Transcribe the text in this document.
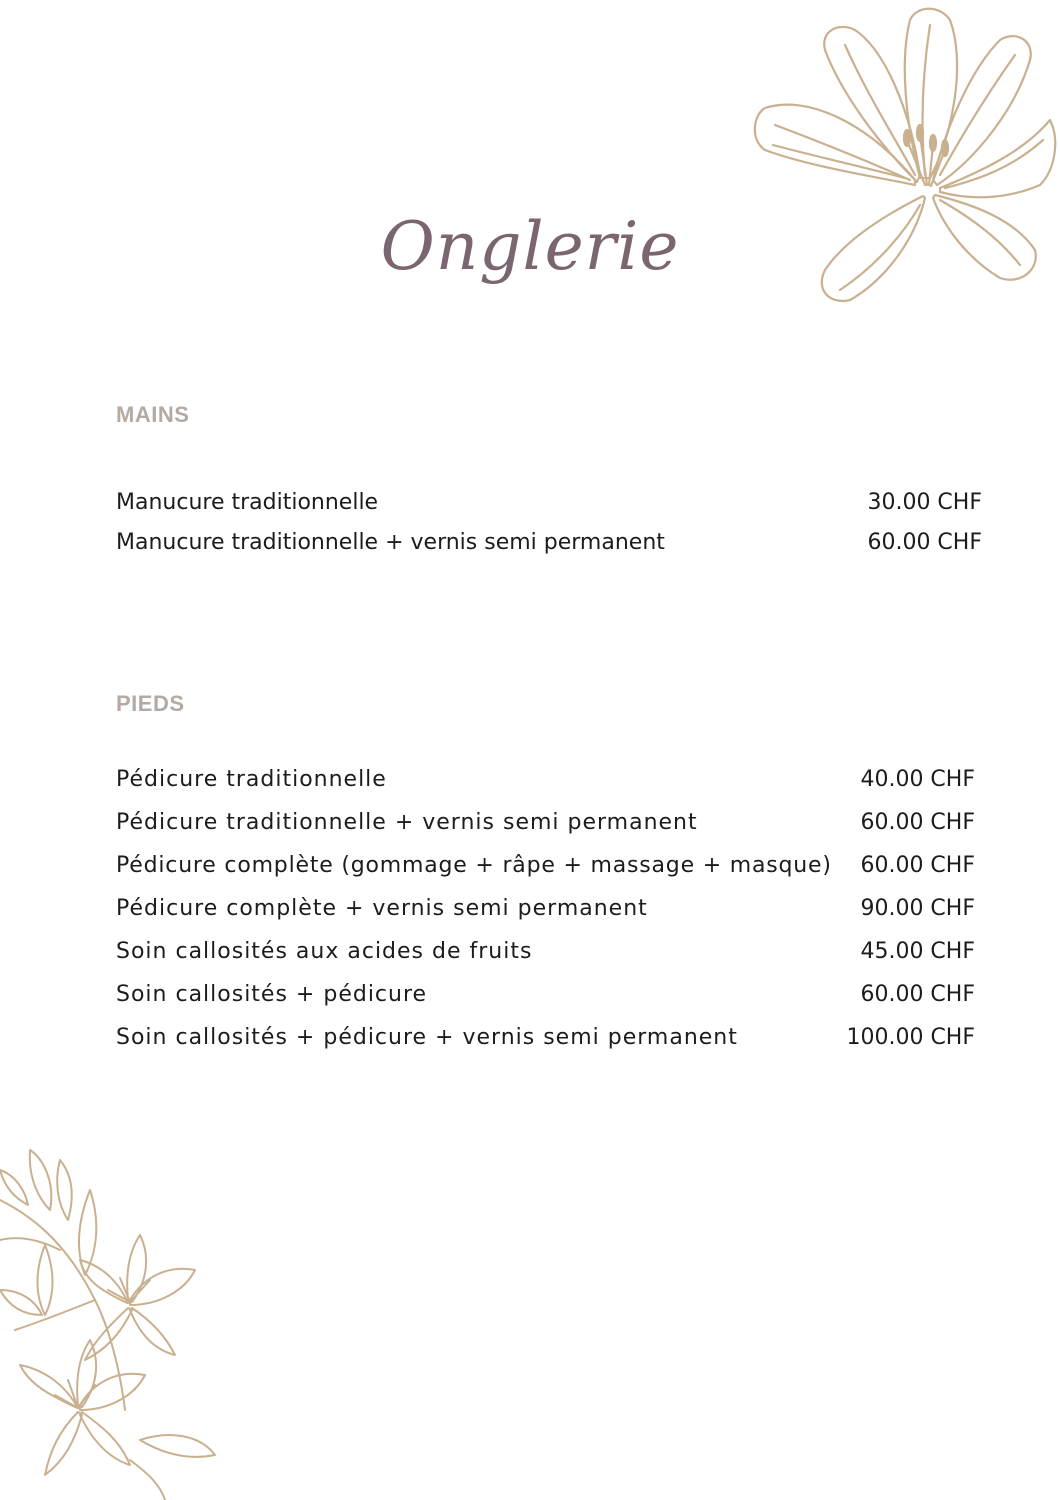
Onglerie
MAINS
Manucure traditionnelle	30.00 CHF
Manucure traditionnelle + vernis semi permanent	60.00 CHF
PIEDS
Pédicure traditionnelle	40.00 CHF
Pédicure traditionnelle + vernis semi permanent	60.00 CHF
Pédicure complète (gommage + râpe + massage + masque) 60.00 CHF
Pédicure complète + vernis semi permanent	90.00 CHF
Soin callosités aux acides de fruits	45.00 CHF
Soin callosités + pédicure	60.00 CHF
Soin callosités + pédicure + vernis semi permanent	100.00 CHF
